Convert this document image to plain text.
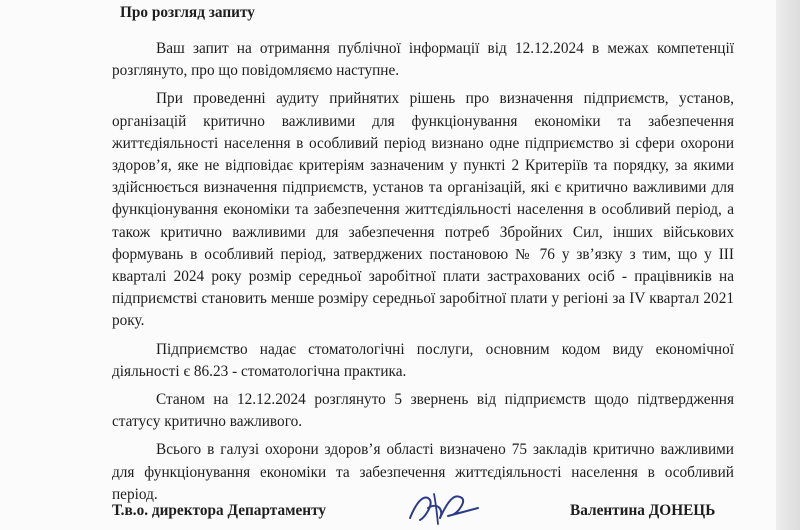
Про розгляд запиту

Ваш запит на отримання публічної інформації від 12.12.2024 в межах компетенції розглянуто, про що повідомляємо наступне.

При проведенні аудиту прийнятих рішень про визначення підприємств, установ, організацій критично важливими для функціонування економіки та забезпечення життєдіяльності населення в особливий період визнано одне підприємство зі сфери охорони здоров’я, яке не відповідає критеріям зазначеним у пункті 2 Критеріїв та порядку, за якими здійснюється визначення підприємств, установ та організацій, які є критично важливими для функціонування економіки та забезпечення життєдіяльності населення в особливий період, а також критично важливими для забезпечення потреб Збройних Сил, інших військових формувань в особливий період, затверджених постановою № 76 у зв’язку з тим, що у ІІІ кварталі 2024 року розмір середньої заробітної плати застрахованих осіб - працівників на підприємстві становить менше розміру середньої заробітної плати у регіоні за ІV квартал 2021 року.

Підприємство надає стоматологічні послуги, основним кодом виду економічної діяльності є 86.23 - стоматологічна практика.

Станом на 12.12.2024 розглянуто 5 звернень від підприємств щодо підтвердження статусу критично важливого.

Всього в галузі охорони здоров’я області визначено 75 закладів критично важливими для функціонування економіки та забезпечення життєдіяльності населення в особливий період.

Т.в.о. директора Департаменту	Валентина ДОНЕЦЬ
